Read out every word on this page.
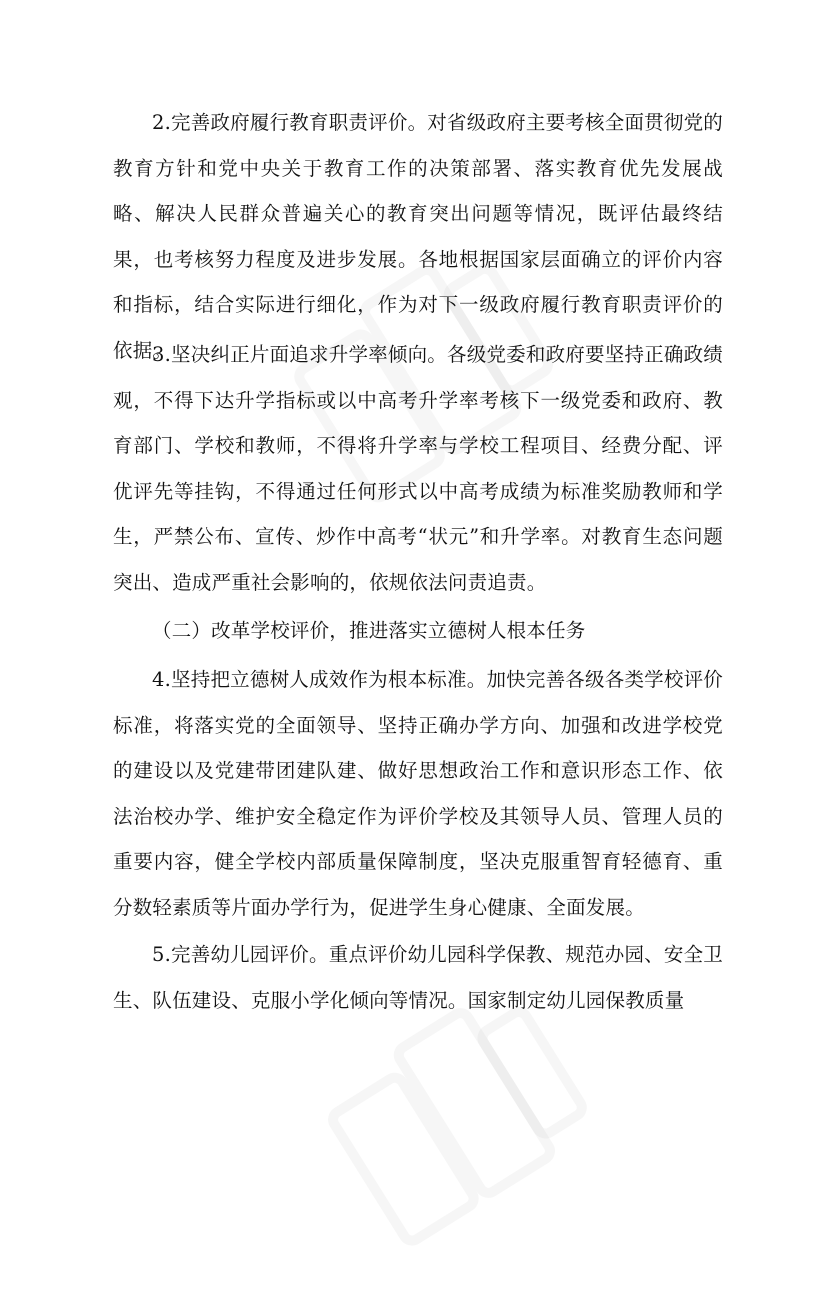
2.完善政府履行教育职责评价。对省级政府主要考核全面贯彻党的教育方针和党中央关于教育工作的决策部署、落实教育优先发展战略、解决人民群众普遍关心的教育突出问题等情况，既评估最终结果，也考核努力程度及进步发展。各地根据国家层面确立的评价内容和指标，结合实际进行细化，作为对下一级政府履行教育职责评价的依据。

3.坚决纠正片面追求升学率倾向。各级党委和政府要坚持正确政绩观，不得下达升学指标或以中高考升学率考核下一级党委和政府、教育部门、学校和教师，不得将升学率与学校工程项目、经费分配、评优评先等挂钩，不得通过任何形式以中高考成绩为标准奖励教师和学生，严禁公布、宣传、炒作中高考“状元”和升学率。对教育生态问题突出、造成严重社会影响的，依规依法问责追责。

（二）改革学校评价，推进落实立德树人根本任务

4.坚持把立德树人成效作为根本标准。加快完善各级各类学校评价标准，将落实党的全面领导、坚持正确办学方向、加强和改进学校党的建设以及党建带团建队建、做好思想政治工作和意识形态工作、依法治校办学、维护安全稳定作为评价学校及其领导人员、管理人员的重要内容，健全学校内部质量保障制度，坚决克服重智育轻德育、重分数轻素质等片面办学行为，促进学生身心健康、全面发展。

5.完善幼儿园评价。重点评价幼儿园科学保教、规范办园、安全卫生、队伍建设、克服小学化倾向等情况。国家制定幼儿园保教质量
